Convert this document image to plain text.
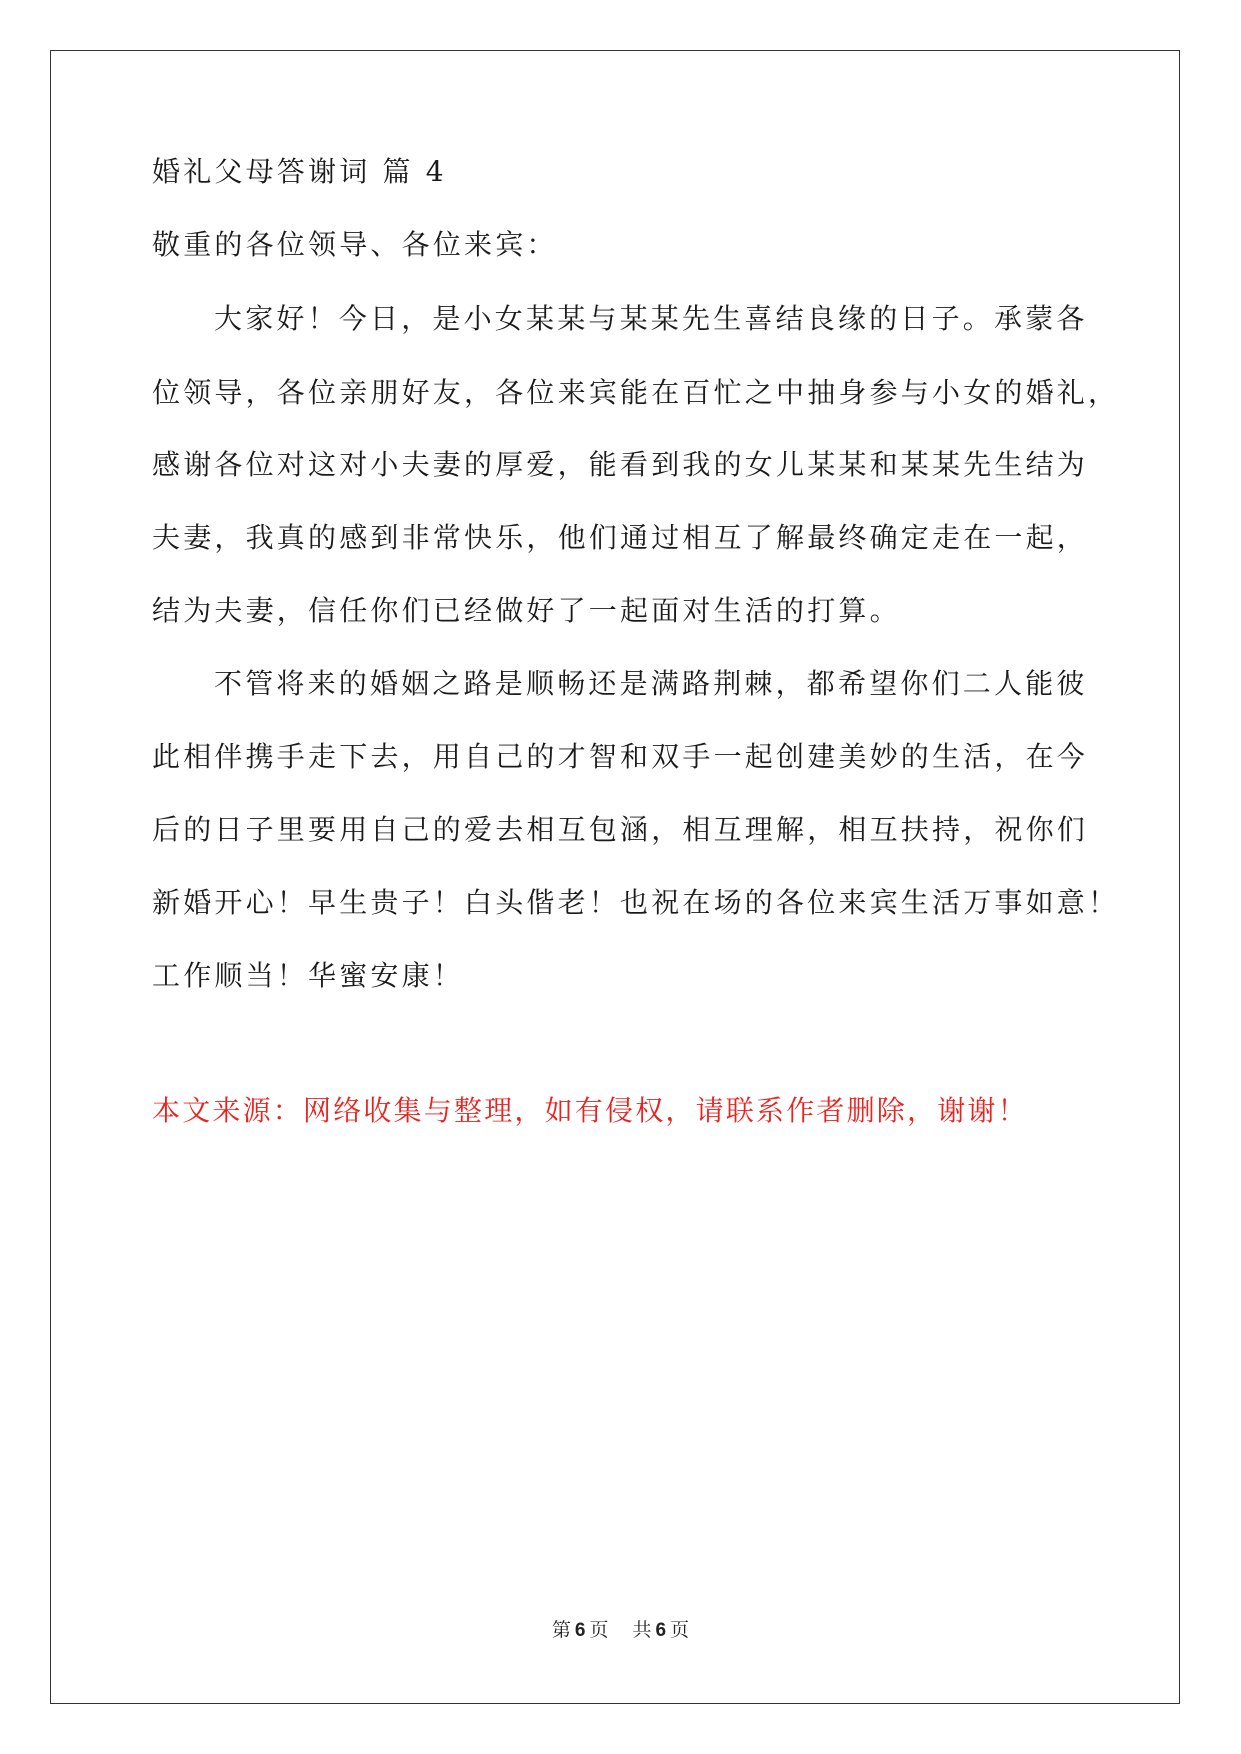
婚礼父母答谢词 篇 4
敬重的各位领导、各位来宾：
大家好！今日，是小女某某与某某先生喜结良缘的日子。承蒙各
位领导，各位亲朋好友，各位来宾能在百忙之中抽身参与小女的婚礼，
感谢各位对这对小夫妻的厚爱，能看到我的女儿某某和某某先生结为
夫妻，我真的感到非常快乐，他们通过相互了解最终确定走在一起，
结为夫妻，信任你们已经做好了一起面对生活的打算。
不管将来的婚姻之路是顺畅还是满路荆棘，都希望你们二人能彼
此相伴携手走下去，用自己的才智和双手一起创建美妙的生活，在今
后的日子里要用自己的爱去相互包涵，相互理解，相互扶持，祝你们
新婚开心！早生贵子！白头偕老！也祝在场的各位来宾生活万事如意！
工作顺当！华蜜安康！
本文来源：网络收集与整理，如有侵权，请联系作者删除，谢谢！
第 6 页 共 6 页
